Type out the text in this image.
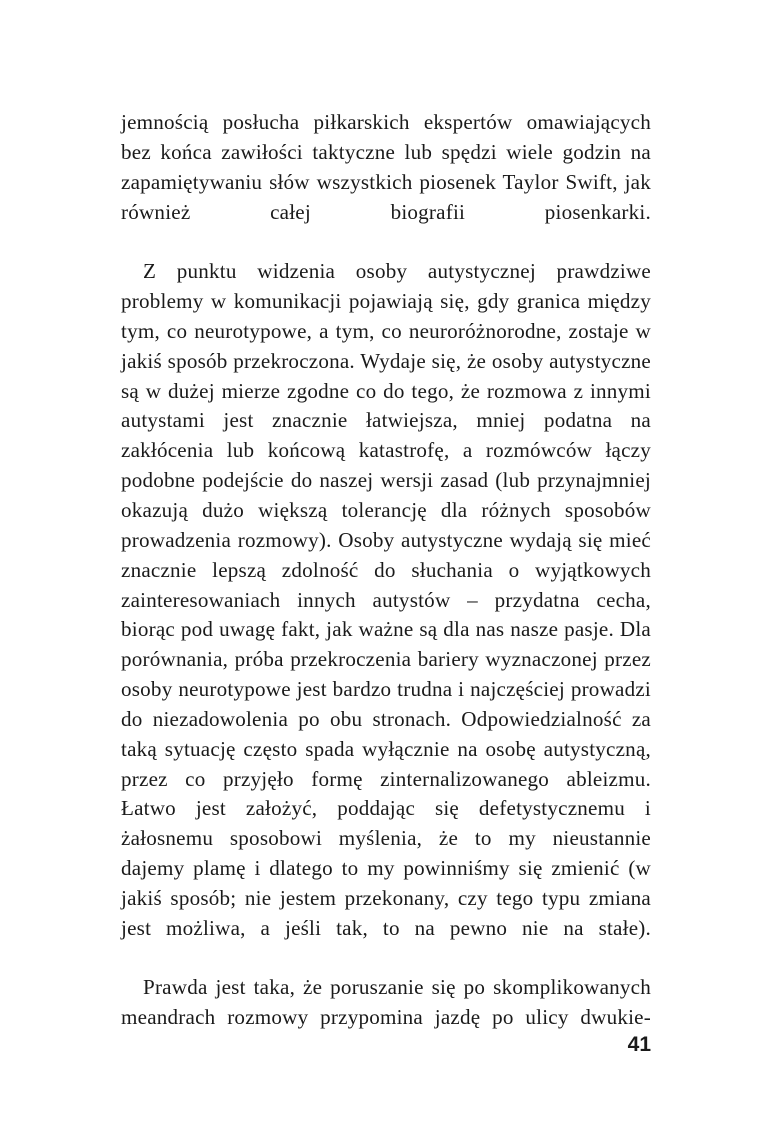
jemnością posłucha piłkarskich ekspertów omawiających bez końca zawiłości taktyczne lub spędzi wiele godzin na zapamiętywaniu słów wszystkich piosenek Taylor Swift, jak również całej biografii piosenkarki.

Z punktu widzenia osoby autystycznej prawdziwe problemy w komunikacji pojawiają się, gdy granica między tym, co neurotypowe, a tym, co neuroróżnorodne, zostaje w jakiś sposób przekroczona. Wydaje się, że osoby autystyczne są w dużej mierze zgodne co do tego, że rozmowa z innymi autystami jest znacznie łatwiejsza, mniej podatna na zakłócenia lub końcową katastrofę, a rozmówców łączy podobne podejście do naszej wersji zasad (lub przynajmniej okazują dużo większą tolerancję dla różnych sposobów prowadzenia rozmowy). Osoby autystyczne wydają się mieć znacznie lepszą zdolność do słuchania o wyjątkowych zainteresowaniach innych autystów – przydatna cecha, biorąc pod uwagę fakt, jak ważne są dla nas nasze pasje. Dla porównania, próba przekroczenia bariery wyznaczonej przez osoby neurotypowe jest bardzo trudna i najczęściej prowadzi do niezadowolenia po obu stronach. Odpowiedzialność za taką sytuację często spada wyłącznie na osobę autystyczną, przez co przyjęło formę zinternalizowanego ableizmu. Łatwo jest założyć, poddając się defetystycznemu i żałosnemu sposobowi myślenia, że to my nieustannie dajemy plamę i dlatego to my powinniśmy się zmienić (w jakiś sposób; nie jestem przekonany, czy tego typu zmiana jest możliwa, a jeśli tak, to na pewno nie na stałe).

Prawda jest taka, że poruszanie się po skomplikowanych meandrach rozmowy przypomina jazdę po ulicy dwukie-

41
